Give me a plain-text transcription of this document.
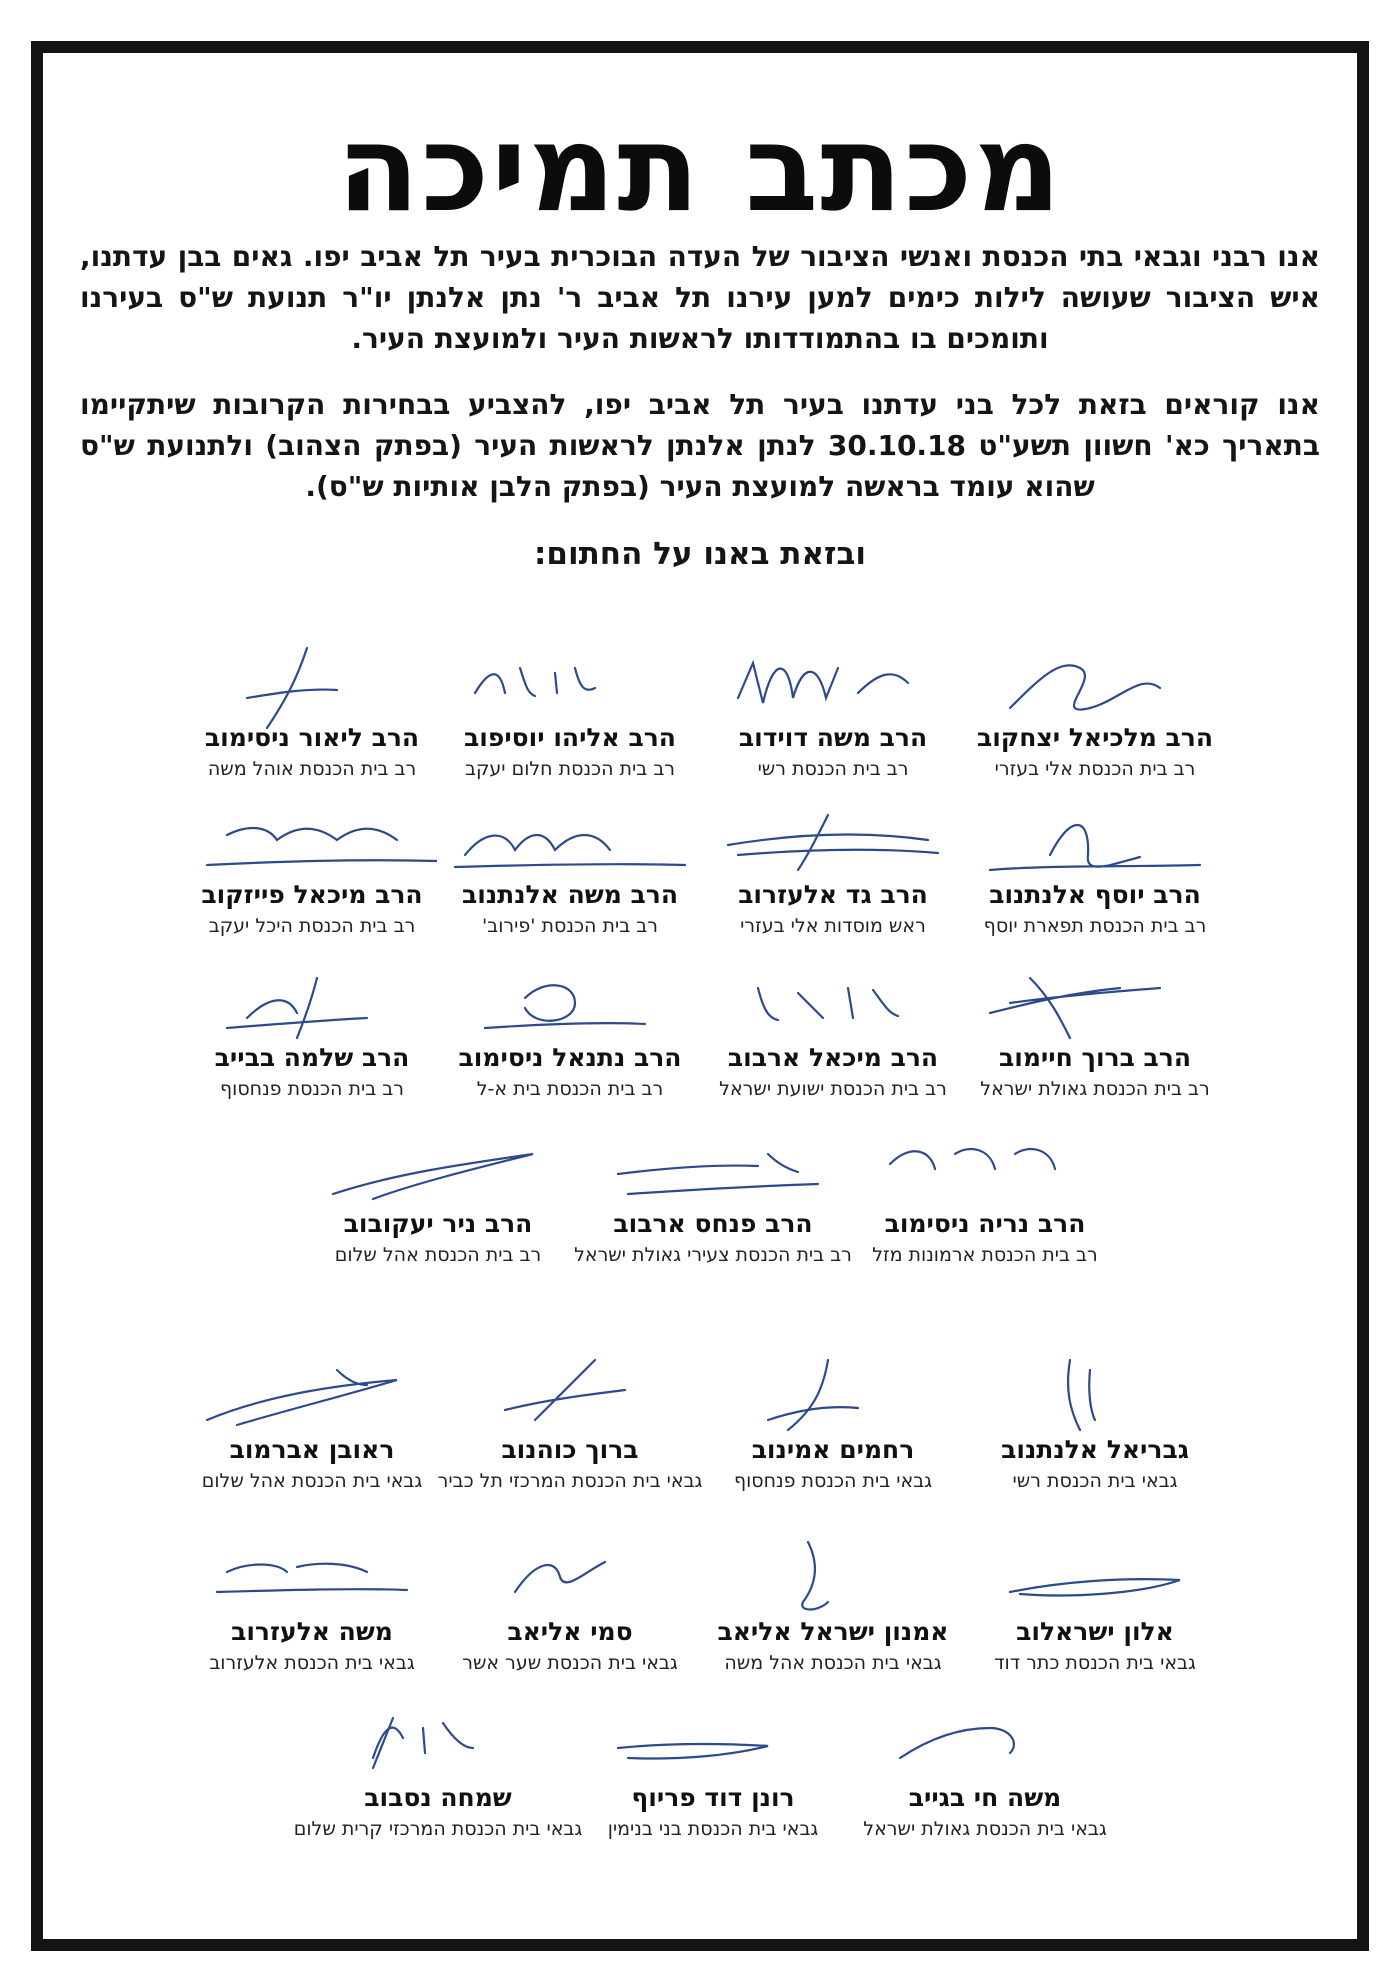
מכתב תמיכה

אנו רבני וגבאי בתי הכנסת ואנשי הציבור של העדה הבוכרית בעיר תל אביב יפו. גאים בבן עדתנו, איש הציבור שעושה לילות כימים למען עירנו תל אביב ר' נתן אלנתן יו"ר תנועת ש"ס בעירנו ותומכים בו בהתמודדותו לראשות העיר ולמועצת העיר.

אנו קוראים בזאת לכל בני עדתנו בעיר תל אביב יפו, להצביע בבחירות הקרובות שיתקיימו בתאריך כא' חשוון תשע"ט 30.10.18 לנתן אלנתן לראשות העיר (בפתק הצהוב) ולתנועת ש"ס שהוא עומד בראשה למועצת העיר (בפתק הלבן אותיות ש"ס).

ובזאת באנו על החתום:
הרב מלכיאל יצחקוב
רב בית הכנסת אלי בעזרי
הרב משה דוידוב
רב בית הכנסת רשי
הרב אליהו יוסיפוב
רב בית הכנסת חלום יעקב
הרב ליאור ניסימוב
רב בית הכנסת אוהל משה
הרב יוסף אלנתנוב
רב בית הכנסת תפארת יוסף
הרב גד אלעזרוב
ראש מוסדות אלי בעזרי
הרב משה אלנתנוב
רב בית הכנסת 'פירוב'
הרב מיכאל פייזקוב
רב בית הכנסת היכל יעקב
הרב ברוך חיימוב
רב בית הכנסת גאולת ישראל
הרב מיכאל ארבוב
רב בית הכנסת ישועת ישראל
הרב נתנאל ניסימוב
רב בית הכנסת בית א-ל
הרב שלמה בבייב
רב בית הכנסת פנחסוף
הרב נריה ניסימוב
רב בית הכנסת ארמונות מזל
הרב פנחס ארבוב
רב בית הכנסת צעירי גאולת ישראל
הרב ניר יעקובוב
רב בית הכנסת אהל שלום
גבריאל אלנתנוב
גבאי בית הכנסת רשי
רחמים אמינוב
גבאי בית הכנסת פנחסוף
ברוך כוהנוב
גבאי בית הכנסת המרכזי תל כביר
ראובן אברמוב
גבאי בית הכנסת אהל שלום
אלון ישראלוב
גבאי בית הכנסת כתר דוד
אמנון ישראל אליאב
גבאי בית הכנסת אהל משה
סמי אליאב
גבאי בית הכנסת שער אשר
משה אלעזרוב
גבאי בית הכנסת אלעזרוב
משה חי בגייב
גבאי בית הכנסת גאולת ישראל
רונן דוד פריוף
גבאי בית הכנסת בני בנימין
שמחה נסבוב
גבאי בית הכנסת המרכזי קרית שלום
